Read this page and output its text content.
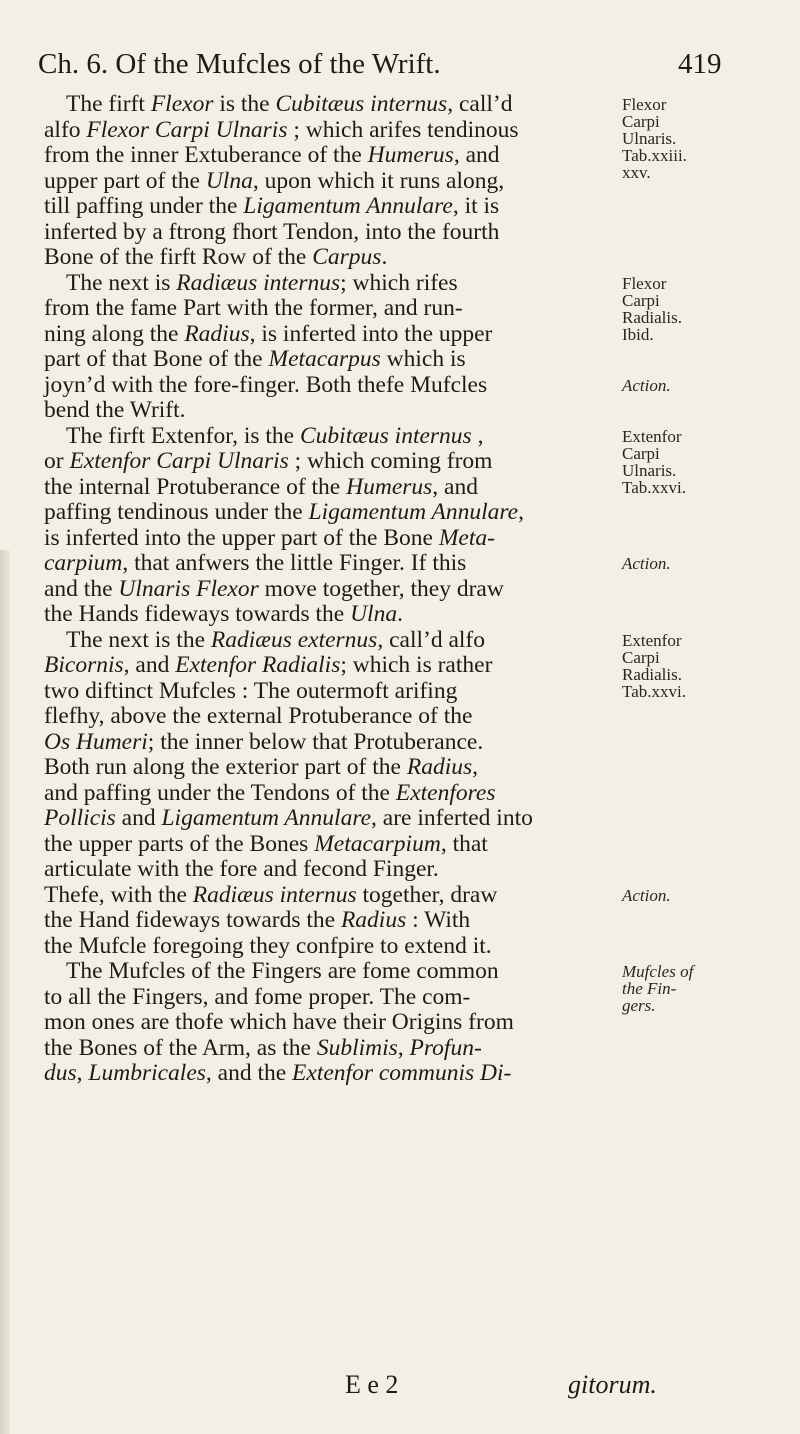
Ch. 6. Of the Mufcles of the Wrift.	419
The firft Flexor is the Cubitæus internus, call’d
alfo Flexor Carpi Ulnaris ; which arifes tendinous
from the inner Extuberance of the Humerus, and
upper part of the Ulna, upon which it runs along,
till paffing under the Ligamentum Annulare, it is
inferted by a ftrong fhort Tendon, into the fourth
Bone of the firft Row of the Carpus.
The next is Radiæus internus; which rifes
from the fame Part with the former, and run-
ning along the Radius, is inferted into the upper
part of that Bone of the Metacarpus which is
joyn’d with the fore-finger. Both thefe Mufcles
bend the Wrift.
The firft Extenfor, is the Cubitæus internus ,
or Extenfor Carpi Ulnaris ; which coming from
the internal Protuberance of the Humerus, and
paffing tendinous under the Ligamentum Annulare,
is inferted into the upper part of the Bone Meta-
carpium, that anfwers the little Finger. If this
and the Ulnaris Flexor move together, they draw
the Hands fideways towards the Ulna.
The next is the Radiæus externus, call’d alfo
Bicornis, and Extenfor Radialis; which is rather
two diftinct Mufcles : The outermoft arifing
flefhy, above the external Protuberance of the
Os Humeri; the inner below that Protuberance.
Both run along the exterior part of the Radius,
and paffing under the Tendons of the Extenfores
Pollicis and Ligamentum Annulare, are inferted into
the upper parts of the Bones Metacarpium, that
articulate with the fore and fecond Finger.
Thefe, with the Radiæus internus together, draw
the Hand fideways towards the Radius : With
the Mufcle foregoing they confpire to extend it.
The Mufcles of the Fingers are fome common
to all the Fingers, and fome proper. The com-
mon ones are thofe which have their Origins from
the Bones of the Arm, as the Sublimis, Profun-
dus, Lumbricales, and the Extenfor communis Di-
Flexor
Carpi
Ulnaris.
Tab.xxiii.
xxv.
Flexor
Carpi
Radialis.
Ibid.
Action.
Extenfor
Carpi
Ulnaris.
Tab.xxvi.
Action.
Extenfor
Carpi
Radialis.
Tab.xxvi.
Action.
Mufcles of
the Fin-
gers.
E e 2	gitorum.
